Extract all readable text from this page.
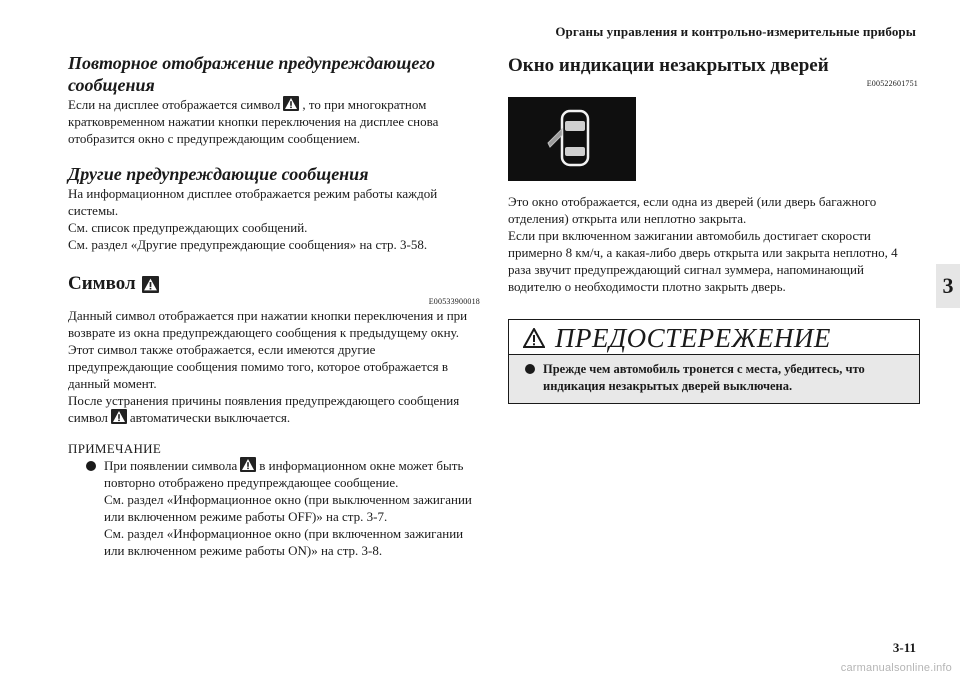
Органы управления и контрольно-измерительные приборы
3
Повторное отображение предупреждающего сообщения

Если на дисплее отображается символ , то при многократном кратковременном нажатии кнопки переключения на дисплее снова отобразится окно с предупреждающим сообщением.

Другие предупреждающие сообщения

На информационном дисплее отображается режим работы каждой системы.

См. список предупреждающих сообщений.

См. раздел «Другие предупреждающие сообщения» на стр. 3-58.

Символ
E00533900018

Данный символ отображается при нажатии кнопки переключения и при возврате из окна предупреждающего сообщения к предыдущему окну.

Этот символ также отображается, если имеются другие предупреждающие сообщения помимо того, которое отображается в данный момент.

После устранения причины появления предупреждающего сообщения символ автоматически выключается.

ПРИМЕЧАНИЕ

При появлении символа в информационном окне может быть повторно отображено предупреждающее сообщение.
См. раздел «Информационное окно (при выключенном зажигании или включенном режиме работы OFF)» на стр. 3-7.
См. раздел «Информационное окно (при включенном зажигании или включенном режиме работы ON)» на стр. 3-8.
Окно индикации незакрытых дверей
E00522601751

Это окно отображается, если одна из дверей (или дверь багажного отделения) открыта или неплотно закрыта.

Если при включенном зажигании автомобиль достигает скорости примерно 8 км/ч, а какая-либо дверь открыта или закрыта неплотно, 4 раза звучит предупреждающий сигнал зуммера, напоминающий водителю о необходимости плотно закрыть дверь.

ПРЕДОСТЕРЕЖЕНИЕ
Прежде чем автомобиль тронется с места, убедитесь, что индикация незакрытых дверей выключена.
3-11
carmanualsonline.info
